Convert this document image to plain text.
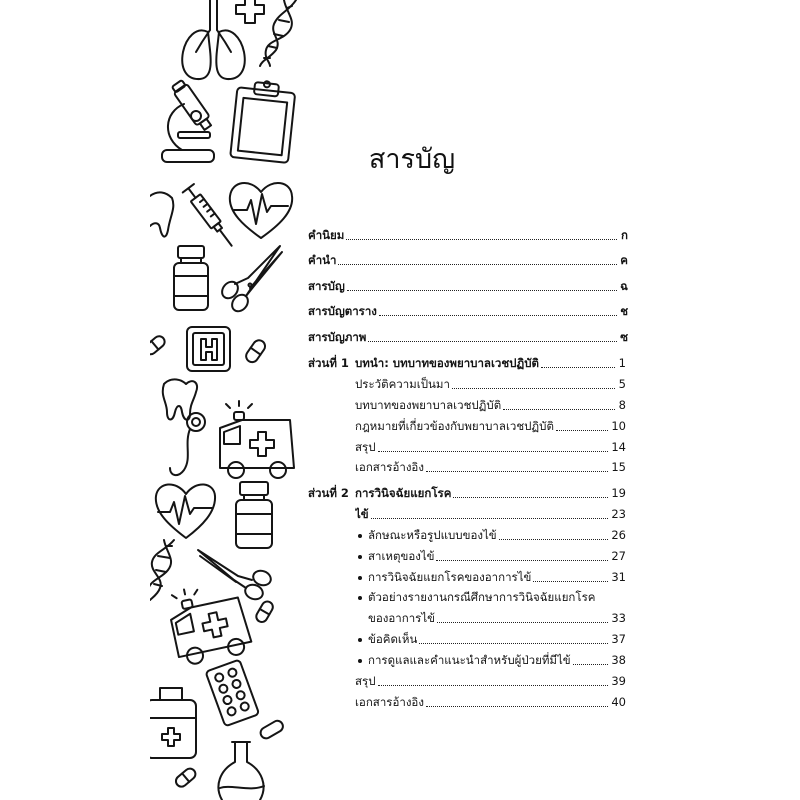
สารบัญ
คำนิยม	ก
คำนำ	ค
สารบัญ	ฉ
สารบัญตาราง	ช
สารบัญภาพ	ซ
ส่วนที่ 1 บทนำ: บทบาทของพยาบาลเวชปฏิบัติ	1
ประวัติความเป็นมา	5
บทบาทของพยาบาลเวชปฏิบัติ	8
กฎหมายที่เกี่ยวข้องกับพยาบาลเวชปฏิบัติ	10
สรุป	14
เอกสารอ้างอิง	15
ส่วนที่ 2 การวินิจฉัยแยกโรค	19
ไข้	23
ลักษณะหรือรูปแบบของไข้	26
สาเหตุของไข้	27
การวินิจฉัยแยกโรคของอาการไข้	31
ตัวอย่างรายงานกรณีศึกษาการวินิจฉัยแยกโรค
ของอาการไข้	33
ข้อคิดเห็น	37
การดูแลและคำแนะนำสำหรับผู้ป่วยที่มีไข้	38
สรุป	39
เอกสารอ้างอิง	40
